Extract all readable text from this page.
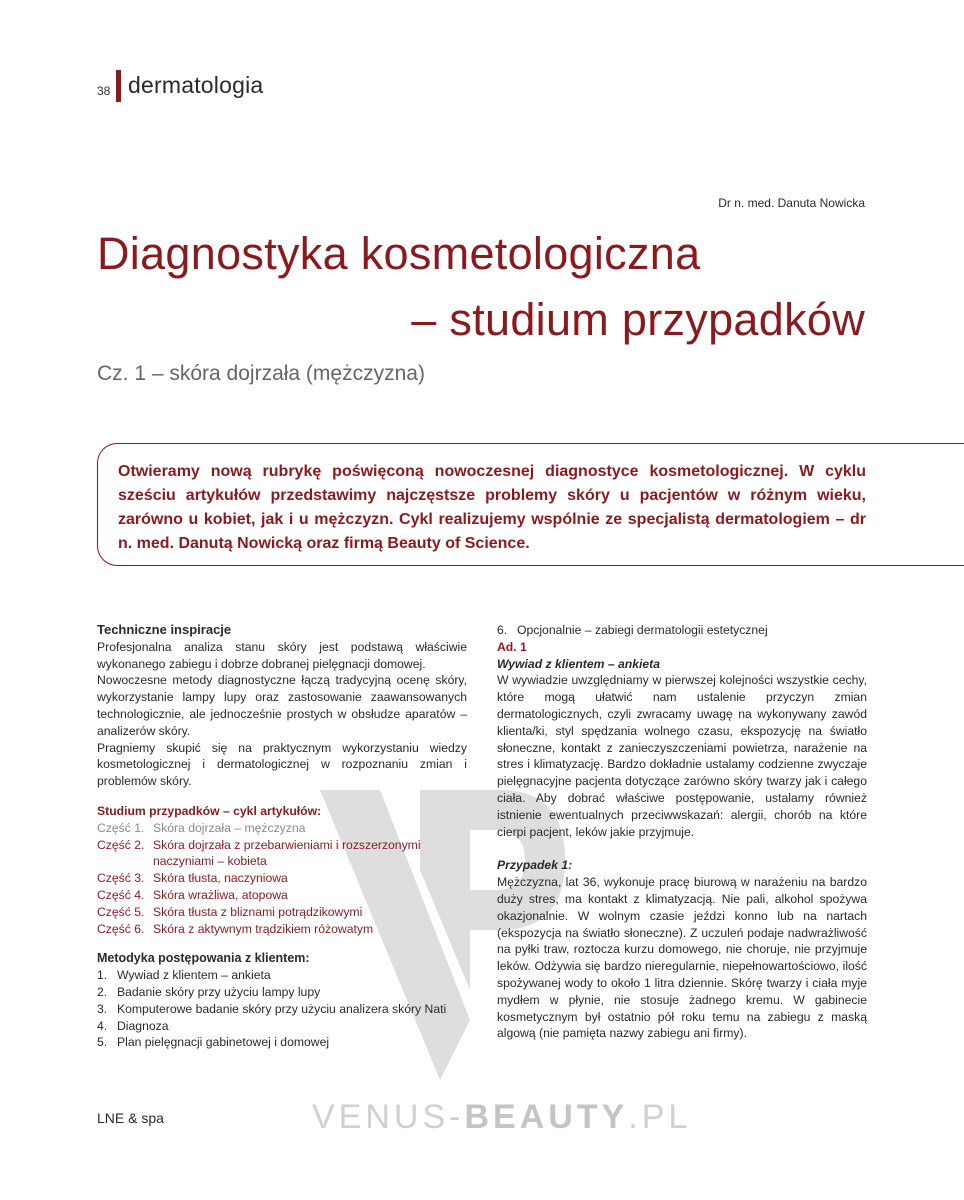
38 dermatologia
Dr n. med. Danuta Nowicka
Diagnostyka kosmetologiczna
– studium przypadków
Cz. 1 – skóra dojrzała (mężczyzna)
Otwieramy nową rubrykę poświęconą nowoczesnej diagnostyce kosmetologicznej. W cyklu sześciu artykułów przedstawimy najczęstsze problemy skóry u pacjentów w różnym wieku, zarówno u kobiet, jak i u mężczyzn. Cykl realizujemy wspólnie ze specjalistą dermatologiem – dr n. med. Danutą Nowicką oraz firmą Beauty of Science.

Techniczne inspiracje

Profesjonalna analiza stanu skóry jest podstawą właściwie wykonanego zabiegu i dobrze dobranej pielęgnacji domowej.

Nowoczesne metody diagnostyczne łączą tradycyjną ocenę skóry, wykorzystanie lampy lupy oraz zastosowanie zaawansowanych technologicznie, ale jednocześnie prostych w obsłudze aparatów – analizerów skóry.

Pragniemy skupić się na praktycznym wykorzystaniu wiedzy kosmetologicznej i dermatologicznej w rozpoznaniu zmian i problemów skóry.

Studium przypadków – cykl artykułów:

Część 1. Skóra dojrzała – mężczyzna
Część 2. Skóra dojrzała z przebarwieniami i rozszerzonymi naczyniami – kobieta
Część 3. Skóra tłusta, naczyniowa
Część 4. Skóra wrażliwa, atopowa
Część 5. Skóra tłusta z bliznami potrądzikowymi
Część 6. Skóra z aktywnym trądzikiem różowatym

Metodyka postępowania z klientem:

1. Wywiad z klientem – ankieta
2. Badanie skóry przy użyciu lampy lupy
3. Komputerowe badanie skóry przy użyciu analizera skóry Nati
4. Diagnoza
5. Plan pielęgnacji gabinetowej i domowej
6. Opcjonalnie – zabiegi dermatologii estetycznej

Ad. 1

Wywiad z klientem – ankieta

W wywiadzie uwzględniamy w pierwszej kolejności wszystkie cechy, które mogą ułatwić nam ustalenie przyczyn zmian dermatologicznych, czyli zwracamy uwagę na wykonywany zawód klienta/ki, styl spędzania wolnego czasu, ekspozycję na światło słoneczne, kontakt z zanieczyszczeniami powietrza, narażenie na stres i klimatyzację. Bardzo dokładnie ustalamy codzienne zwyczaje pielęgnacyjne pacjenta dotyczące zarówno skóry twarzy jak i całego ciała. Aby dobrać właściwe postępowanie, ustalamy również istnienie ewentualnych przeciwwskazań: alergii, chorób na które cierpi pacjent, leków jakie przyjmuje.

Przypadek 1:

Mężczyzna, lat 36, wykonuje pracę biurową w narażeniu na bardzo duży stres, ma kontakt z klimatyzacją. Nie pali, alkohol spożywa okazjonalnie. W wolnym czasie jeździ konno lub na nartach (ekspozycja na światło słoneczne). Z uczuleń podaje nadwrażliwość na pyłki traw, roztocza kurzu domowego, nie choruje, nie przyjmuje leków. Odżywia się bardzo nieregularnie, niepełnowartościowo, ilość spożywanej wody to około 1 litra dziennie. Skórę twarzy i ciała myje mydłem w płynie, nie stosuje żadnego kremu. W gabinecie kosmetycznym był ostatnio pół roku temu na zabiegu z maską algową (nie pamięta nazwy zabiegu ani firmy).

VENUS-BEAUTY.PL
LNE & spa
